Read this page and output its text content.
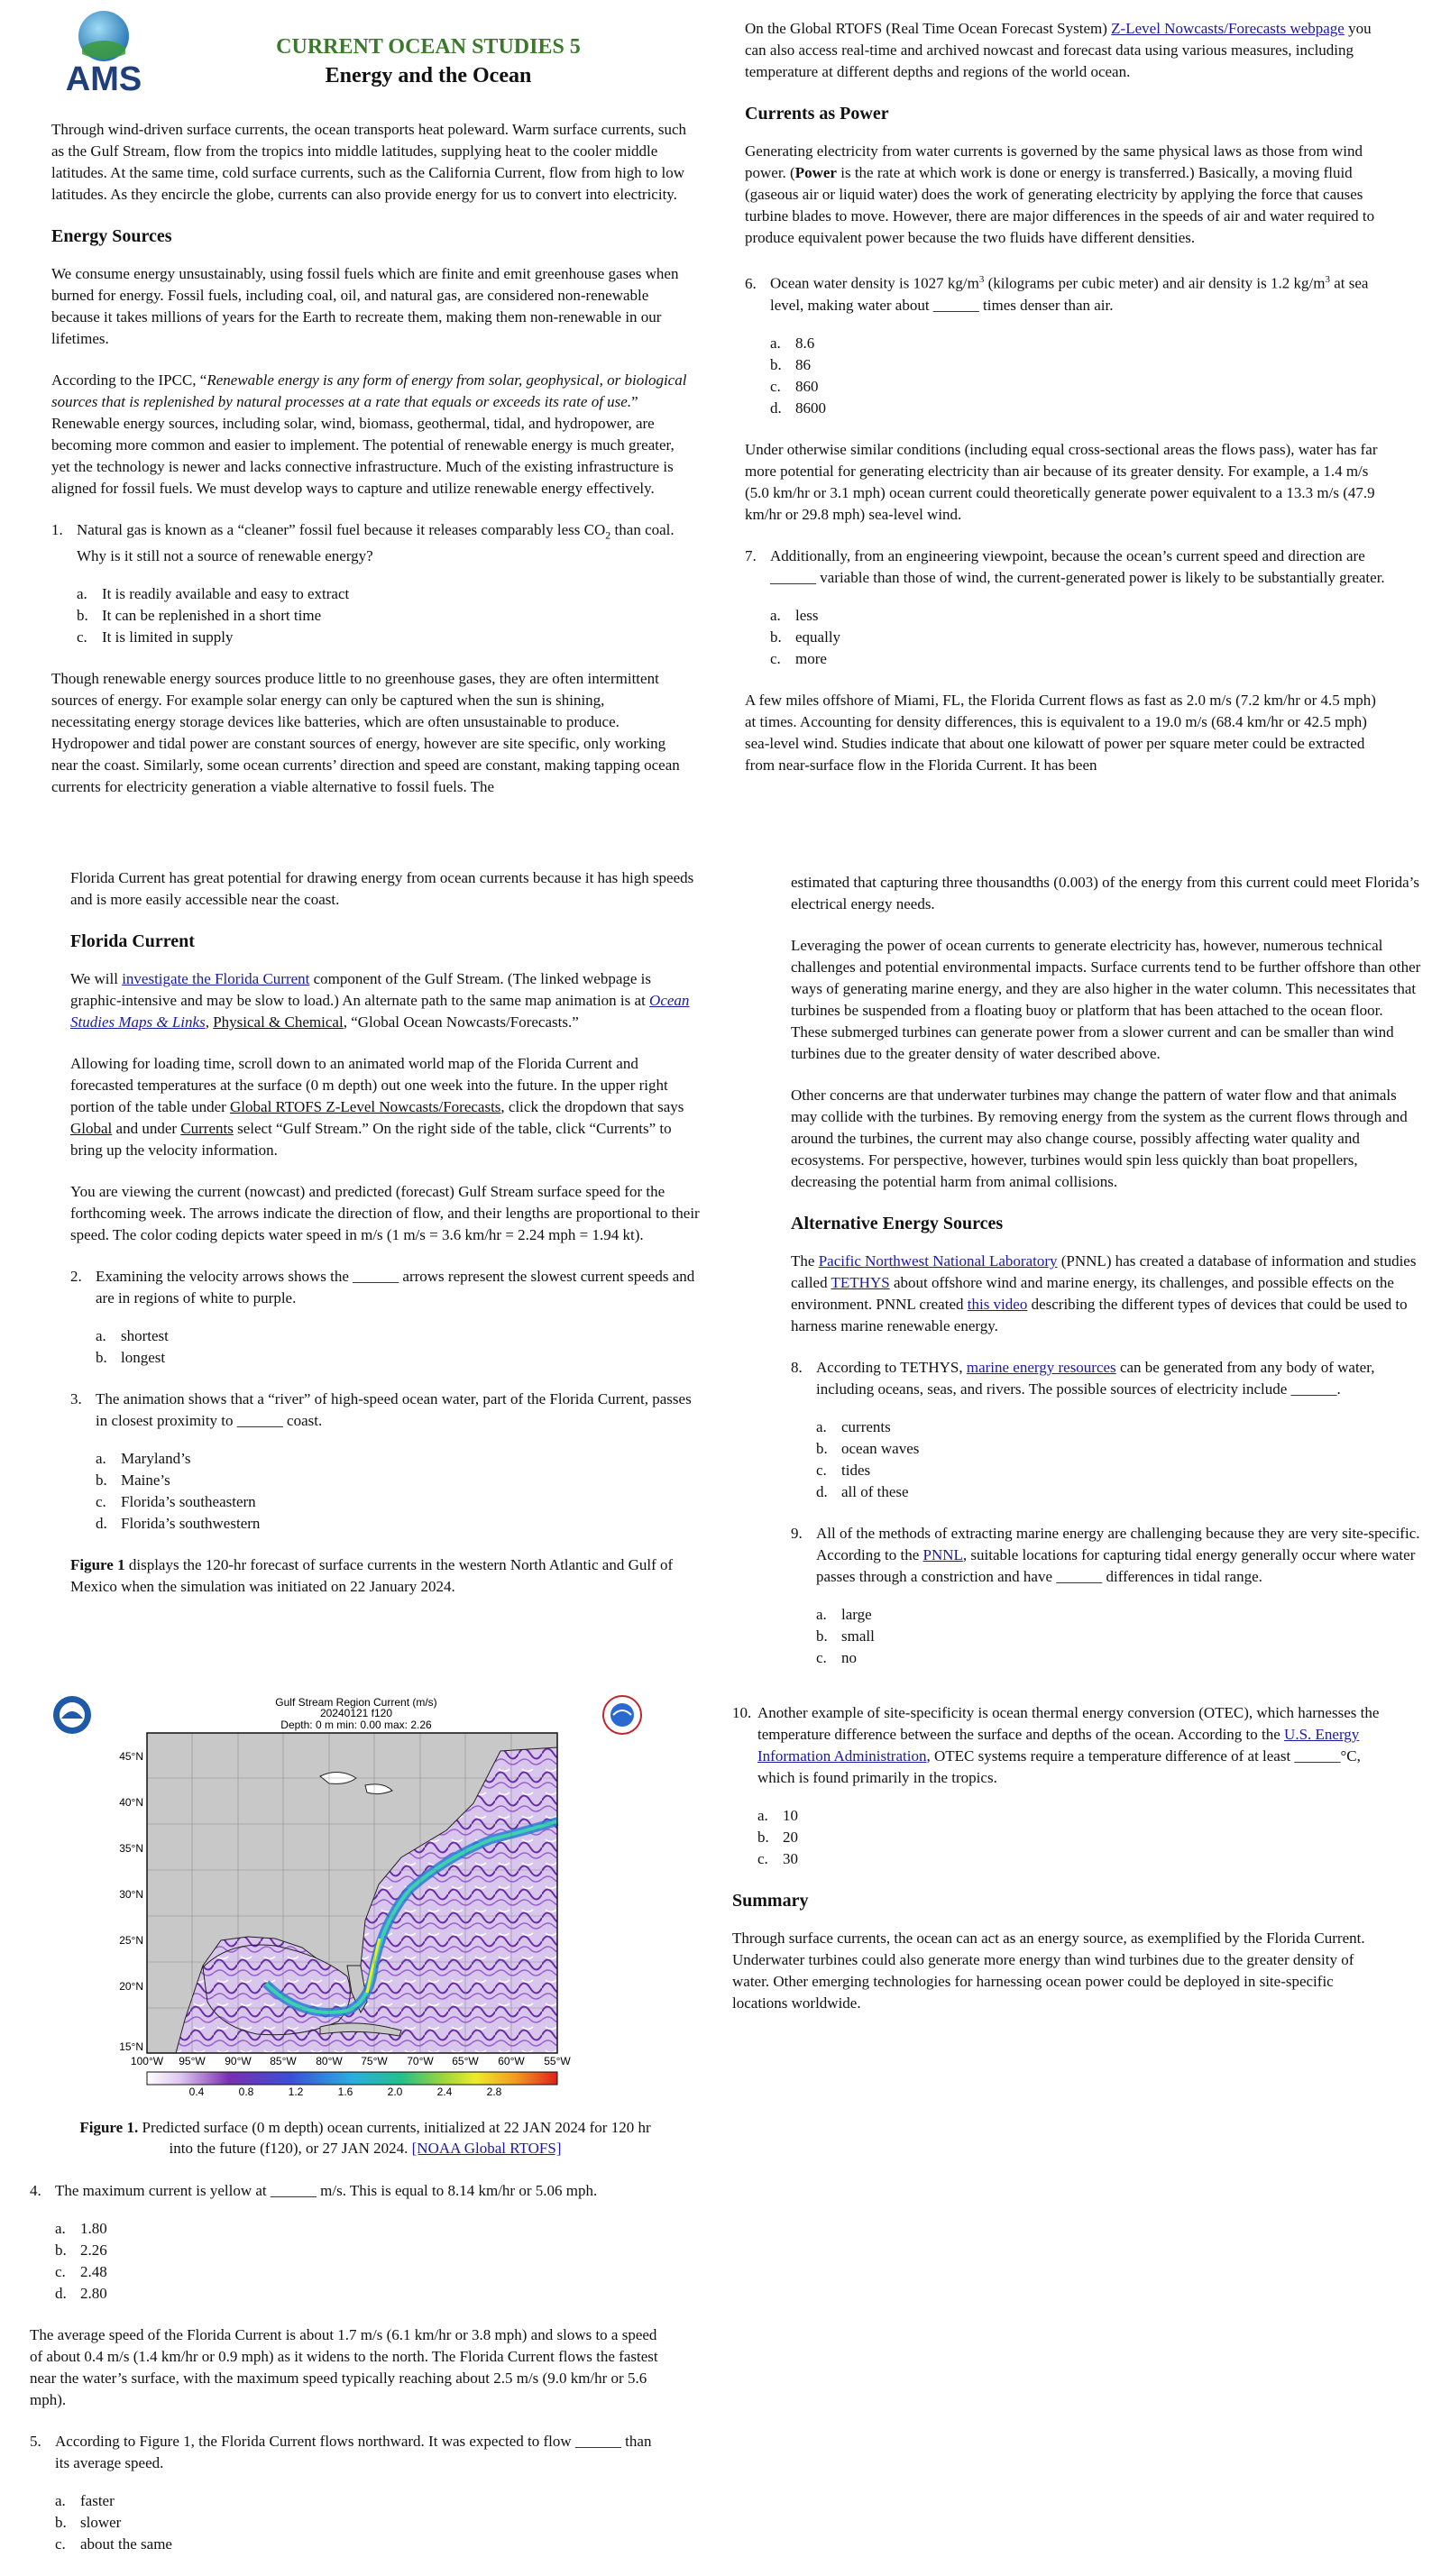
AMS
CURRENT OCEAN STUDIES 5
Energy and the Ocean

Through wind-driven surface currents, the ocean transports heat poleward. Warm surface currents, such as the Gulf Stream, flow from the tropics into middle latitudes, supplying heat to the cooler middle latitudes. At the same time, cold surface currents, such as the California Current, flow from high to low latitudes. As they encircle the globe, currents can also provide energy for us to convert into electricity.

Energy Sources

We consume energy unsustainably, using fossil fuels which are finite and emit greenhouse gases when burned for energy. Fossil fuels, including coal, oil, and natural gas, are considered non-renewable because it takes millions of years for the Earth to recreate them, making them non-renewable in our lifetimes.

According to the IPCC, “Renewable energy is any form of energy from solar, geophysical, or biological sources that is replenished by natural processes at a rate that equals or exceeds its rate of use.” Renewable energy sources, including solar, wind, biomass, geothermal, tidal, and hydropower, are becoming more common and easier to implement. The potential of renewable energy is much greater, yet the technology is newer and lacks connective infrastructure. Much of the existing infrastructure is aligned for fossil fuels. We must develop ways to capture and utilize renewable energy effectively.

1. Natural gas is known as a “cleaner” fossil fuel because it releases comparably less $CO_2$ than coal. Why is it still not a source of renewable energy?
a. It is readily available and easy to extract
b. It can be replenished in a short time
c. It is limited in supply

Though renewable energy sources produce little to no greenhouse gases, they are often intermittent sources of energy. For example solar energy can only be captured when the sun is shining, necessitating energy storage devices like batteries, which are often unsustainable to produce. Hydropower and tidal power are constant sources of energy, however are site specific, only working near the coast. Similarly, some ocean currents’ direction and speed are constant, making tapping ocean currents for electricity generation a viable alternative to fossil fuels. The

Florida Current has great potential for drawing energy from ocean currents because it has high speeds and is more easily accessible near the coast.

Florida Current

We will investigate the Florida Current component of the Gulf Stream. (The linked webpage is graphic-intensive and may be slow to load.) An alternate path to the same map animation is at Ocean Studies Maps & Links, Physical & Chemical, “Global Ocean Nowcasts/Forecasts.”

Allowing for loading time, scroll down to an animated world map of the Florida Current and forecasted temperatures at the surface (0 m depth) out one week into the future. In the upper right portion of the table under Global RTOFS Z-Level Nowcasts/Forecasts, click the dropdown that says Global and under Currents select “Gulf Stream.” On the right side of the table, click “Currents” to bring up the velocity information.

You are viewing the current (nowcast) and predicted (forecast) Gulf Stream surface speed for the forthcoming week. The arrows indicate the direction of flow, and their lengths are proportional to their speed. The color coding depicts water speed in m/s (1 m/s = 3.6 km/hr = 2.24 mph = 1.94 kt).

2. Examining the velocity arrows shows the ______ arrows represent the slowest current speeds and are in regions of white to purple.
a. shortest
b. longest
3. The animation shows that a “river” of high-speed ocean water, part of the Florida Current, passes in closest proximity to ______ coast.
a. Maryland’s
b. Maine’s
c. Florida’s southeastern
d. Florida’s southwestern

Figure 1 displays the 120-hr forecast of surface currents in the western North Atlantic and Gulf of Mexico when the simulation was initiated on 22 January 2024.

Gulf Stream Region Current (m/s)
20240121 f120
Depth: 0 m min: 0.00 max: 2.26
45°N
40°N
35°N
30°N
25°N
20°N
15°N
100°W 95°W 90°W 85°W 80°W 75°W 70°W 65°W 60°W 55°W
0.4	0.8	1.2	1.6	2.0	2.4	2.8
Figure 1. Predicted surface (0 m depth) ocean currents, initialized at 22 JAN 2024 for 120 hr into the future (f120), or 27 JAN 2024. [NOAA Global RTOFS]
4. The maximum current is yellow at ______ m/s. This is equal to 8.14 km/hr or 5.06 mph.
a. 1.80
b. 2.26
c. 2.48
d. 2.80

The average speed of the Florida Current is about 1.7 m/s (6.1 km/hr or 3.8 mph) and slows to a speed of about 0.4 m/s (1.4 km/hr or 0.9 mph) as it widens to the north. The Florida Current flows the fastest near the water’s surface, with the maximum speed typically reaching about 2.5 m/s (9.0 km/hr or 5.6 mph).

5. According to Figure 1, the Florida Current flows northward. It was expected to flow ______ than its average speed.
a. faster
b. slower
c. about the same

On the Global RTOFS (Real Time Ocean Forecast System) Z-Level Nowcasts/Forecasts webpage you can also access real-time and archived nowcast and forecast data using various measures, including temperature at different depths and regions of the world ocean.

Currents as Power

Generating electricity from water currents is governed by the same physical laws as those from wind power. (Power is the rate at which work is done or energy is transferred.) Basically, a moving fluid (gaseous air or liquid water) does the work of generating electricity by applying the force that causes turbine blades to move. However, there are major differences in the speeds of air and water required to produce equivalent power because the two fluids have different densities.

6. Ocean water density is 1027 $kg/m^3$ (kilograms per cubic meter) and air density is 1.2 $kg/m^3$ at sea level, making water about ______ times denser than air.
a. 8.6
b. 86
c. 860
d. 8600

Under otherwise similar conditions (including equal cross-sectional areas the flows pass), water has far more potential for generating electricity than air because of its greater density. For example, a 1.4 m/s (5.0 km/hr or 3.1 mph) ocean current could theoretically generate power equivalent to a 13.3 m/s (47.9 km/hr or 29.8 mph) sea-level wind.

7. Additionally, from an engineering viewpoint, because the ocean’s current speed and direction are ______ variable than those of wind, the current-generated power is likely to be substantially greater.
a. less
b. equally
c. more

A few miles offshore of Miami, FL, the Florida Current flows as fast as 2.0 m/s (7.2 km/hr or 4.5 mph) at times. Accounting for density differences, this is equivalent to a 19.0 m/s (68.4 km/hr or 42.5 mph) sea-level wind. Studies indicate that about one kilowatt of power per square meter could be extracted from near-surface flow in the Florida Current. It has been

estimated that capturing three thousandths (0.003) of the energy from this current could meet Florida’s electrical energy needs.

Leveraging the power of ocean currents to generate electricity has, however, numerous technical challenges and potential environmental impacts. Surface currents tend to be further offshore than other ways of generating marine energy, and they are also higher in the water column. This necessitates that turbines be suspended from a floating buoy or platform that has been attached to the ocean floor. These submerged turbines can generate power from a slower current and can be smaller than wind turbines due to the greater density of water described above.

Other concerns are that underwater turbines may change the pattern of water flow and that animals may collide with the turbines. By removing energy from the system as the current flows through and around the turbines, the current may also change course, possibly affecting water quality and ecosystems. For perspective, however, turbines would spin less quickly than boat propellers, decreasing the potential harm from animal collisions.

Alternative Energy Sources

The Pacific Northwest National Laboratory (PNNL) has created a database of information and studies called TETHYS about offshore wind and marine energy, its challenges, and possible effects on the environment. PNNL created this video describing the different types of devices that could be used to harness marine renewable energy.

8. According to TETHYS, marine energy resources can be generated from any body of water, including oceans, seas, and rivers. The possible sources of electricity include ______.
a. currents
b. ocean waves
c. tides
d. all of these
9. All of the methods of extracting marine energy are challenging because they are very site-specific. According to the PNNL, suitable locations for capturing tidal energy generally occur where water passes through a constriction and have ______ differences in tidal range.
a. large
b. small
c. no
10. Another example of site-specificity is ocean thermal energy conversion (OTEC), which harnesses the temperature difference between the surface and depths of the ocean. According to the U.S. Energy Information Administration, OTEC systems require a temperature difference of at least ______°C, which is found primarily in the tropics.
a. 10
b. 20
c. 30
Summary

Through surface currents, the ocean can act as an energy source, as exemplified by the Florida Current. Underwater turbines could also generate more energy than wind turbines due to the greater density of water. Other emerging technologies for harnessing ocean power could be deployed in site-specific locations worldwide.
